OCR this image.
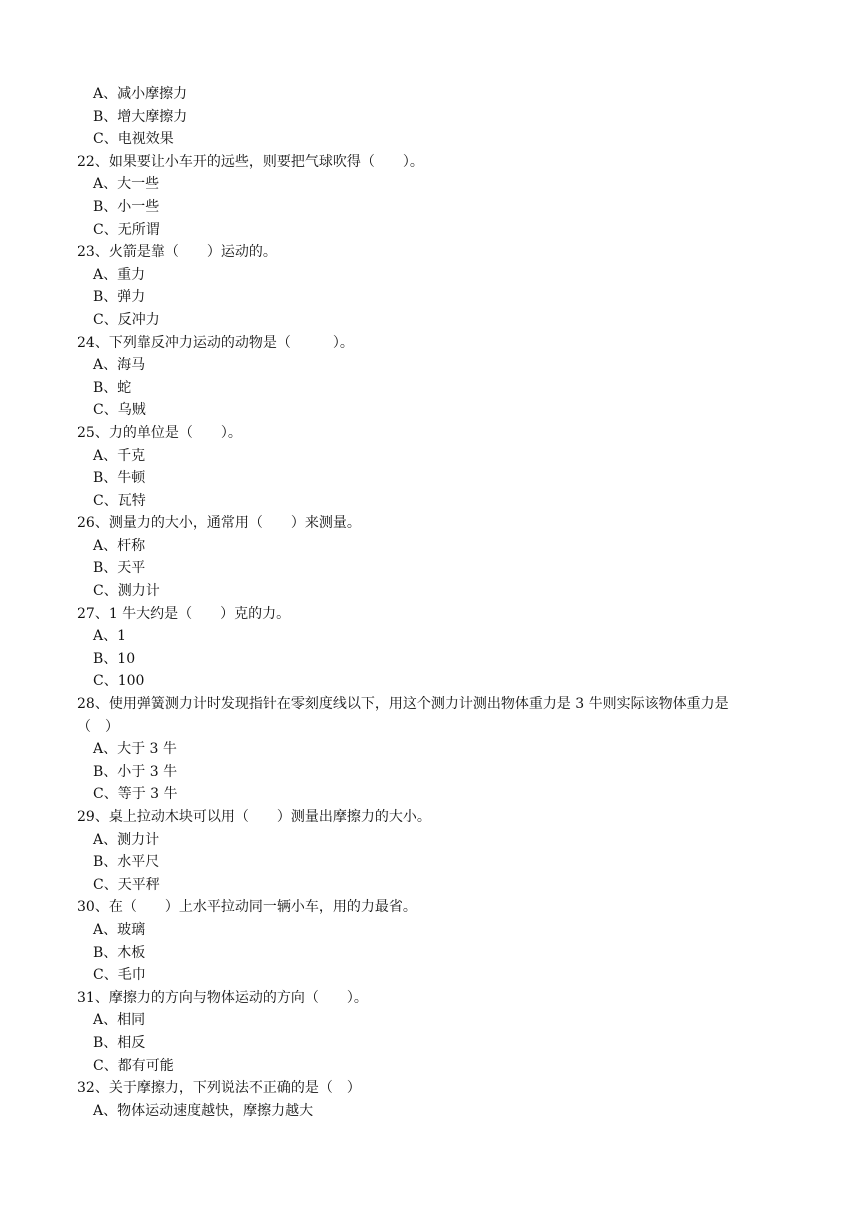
A、减小摩擦力
B、增大摩擦力
C、电视效果
22、如果要让小车开的远些，则要把气球吹得（　　）。
A、大一些
B、小一些
C、无所谓
23、火箭是靠（　　）运动的。
A、重力
B、弹力
C、反冲力
24、下列靠反冲力运动的动物是（　　　）。
A、海马
B、蛇
C、乌贼
25、力的单位是（　　）。
A、千克
B、牛顿
C、瓦特
26、测量力的大小，通常用（　　）来测量。
A、杆称
B、天平
C、测力计
27、1 牛大约是（　　）克的力。
A、1
B、10
C、100
28、使用弹簧测力计时发现指针在零刻度线以下，用这个测力计测出物体重力是 3 牛则实际该物体重力是
（　）
A、大于 3 牛
B、小于 3 牛
C、等于 3 牛
29、桌上拉动木块可以用（　　）测量出摩擦力的大小。
A、测力计
B、水平尺
C、天平秤
30、在（　　）上水平拉动同一辆小车，用的力最省。
A、玻璃
B、木板
C、毛巾
31、摩擦力的方向与物体运动的方向（　　）。
A、相同
B、相反
C、都有可能
32、关于摩擦力，下列说法不正确的是（　）
A、物体运动速度越快，摩擦力越大
